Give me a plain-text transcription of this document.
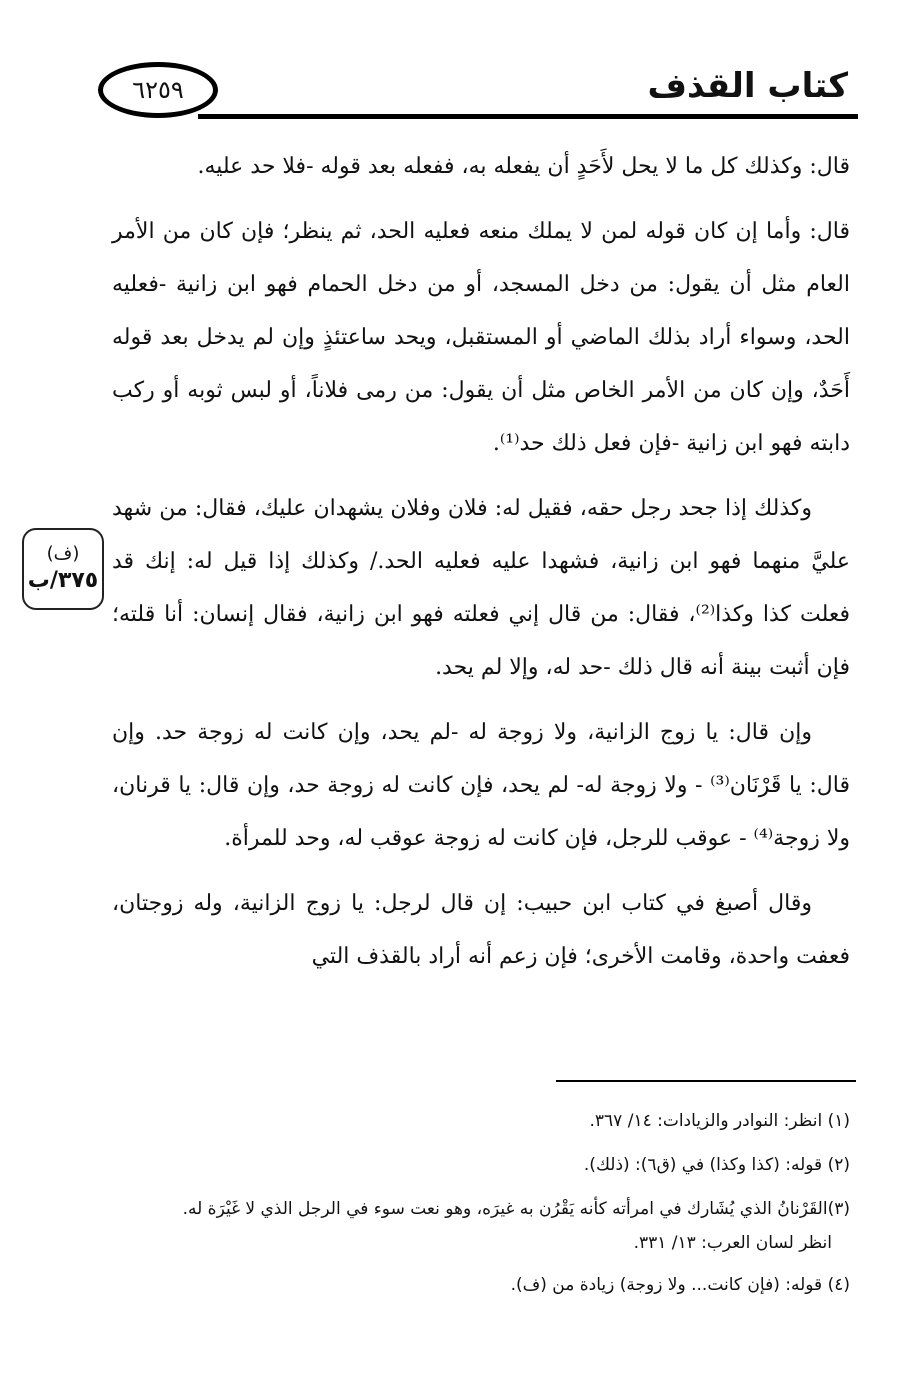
كتاب القذف
٦٢٥٩

قال: وكذلك كل ما لا يحل لأَحَدٍ أن يفعله به، ففعله بعد قوله -فلا حد عليه.

قال: وأما إن كان قوله لمن لا يملك منعه فعليه الحد، ثم ينظر؛ فإن كان من الأمر العام مثل أن يقول: من دخل المسجد، أو من دخل الحمام فهو ابن زانية -فعليه الحد، وسواء أراد بذلك الماضي أو المستقبل، ويحد ساعتئذٍ وإن لم يدخل بعد قوله أَحَدٌ، وإن كان من الأمر الخاص مثل أن يقول: من رمى فلاناً، أو لبس ثوبه أو ركب دابته فهو ابن زانية -فإن فعل ذلك حد⁽¹⁾.

وكذلك إذا جحد رجل حقه، فقيل له: فلان وفلان يشهدان عليك، فقال: من شهد عليَّ منهما فهو ابن زانية، فشهدا عليه فعليه الحد./ وكذلك إذا قيل له: إنك قد فعلت كذا وكذا⁽²⁾، فقال: من قال إني فعلته فهو ابن زانية، فقال إنسان: أنا قلته؛ فإن أثبت بينة أنه قال ذلك -حد له، وإلا لم يحد.

وإن قال: يا زوج الزانية، ولا زوجة له -لم يحد، وإن كانت له زوجة حد. وإن قال: يا قَرْنَان⁽³⁾ - ولا زوجة له- لم يحد، فإن كانت له زوجة حد، وإن قال: يا قرنان، ولا زوجة⁽⁴⁾ - عوقب للرجل، فإن كانت له زوجة عوقب له، وحد للمرأة.

وقال أصبغ في كتاب ابن حبيب: إن قال لرجل: يا زوج الزانية، وله زوجتان، فعفت واحدة، وقامت الأخرى؛ فإن زعم أنه أراد بالقذف التي

(ف)
٣٧٥/ب

(١) انظر: النوادر والزيادات: ١٤/ ٣٦٧.

(٢) قوله: (كذا وكذا) في (ق٦): (ذلك).

(٣)القَرْنانُ الذي يُشَارك في امرأته كأنه يَقْرُن به غيرَه، وهو نعت سوء في الرجل الذي لا غَيْرَة له.

انظر لسان العرب: ١٣/ ٣٣١.

(٤) قوله: (فإن كانت... ولا زوجة) زيادة من (ف).
